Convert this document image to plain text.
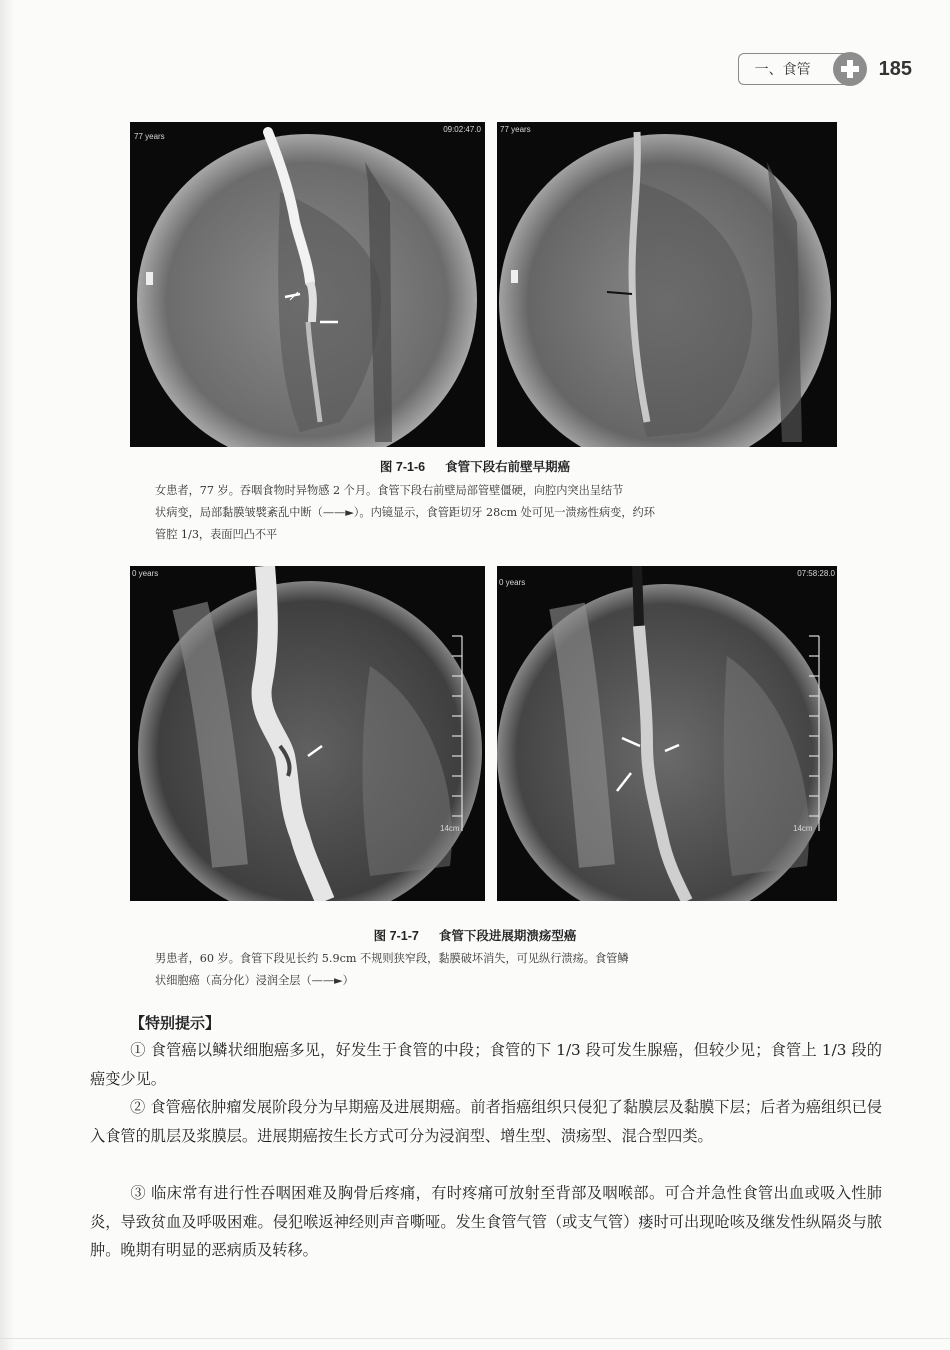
一、食管	185
77 years
09:02:47.0 77 years
图 7-1-6 食管下段右前壁早期癌
女患者，77 岁。吞咽食物时异物感 2 个月。食管下段右前壁局部管壁僵硬，向腔内突出呈结节
状病变，局部黏膜皱襞紊乱中断（——►）。内镜显示，食管距切牙 28cm 处可见一溃疡性病变，约环
管腔 1/3，表面凹凸不平
0 years
14cm
0 years
07:58:28.0
14cm
图 7-1-7 食管下段进展期溃疡型癌
男患者，60 岁。食管下段见长约 5.9cm 不规则狭窄段，黏膜破坏消失，可见纵行溃疡。食管鳞
状细胞癌（高分化）浸润全层（——►）
【特别提示】
① 食管癌以鳞状细胞癌多见，好发生于食管的中段；食管的下 1/3 段可发生腺癌，但较少见；食管上 1/3 段的癌变少见。
② 食管癌依肿瘤发展阶段分为早期癌及进展期癌。前者指癌组织只侵犯了黏膜层及黏膜下层；后者为癌组织已侵入食管的肌层及浆膜层。进展期癌按生长方式可分为浸润型、增生型、溃疡型、混合型四类。
③ 临床常有进行性吞咽困难及胸骨后疼痛，有时疼痛可放射至背部及咽喉部。可合并急性食管出血或吸入性肺炎，导致贫血及呼吸困难。侵犯喉返神经则声音嘶哑。发生食管气管（或支气管）瘘时可出现呛咳及继发性纵隔炎与脓肿。晚期有明显的恶病质及转移。
